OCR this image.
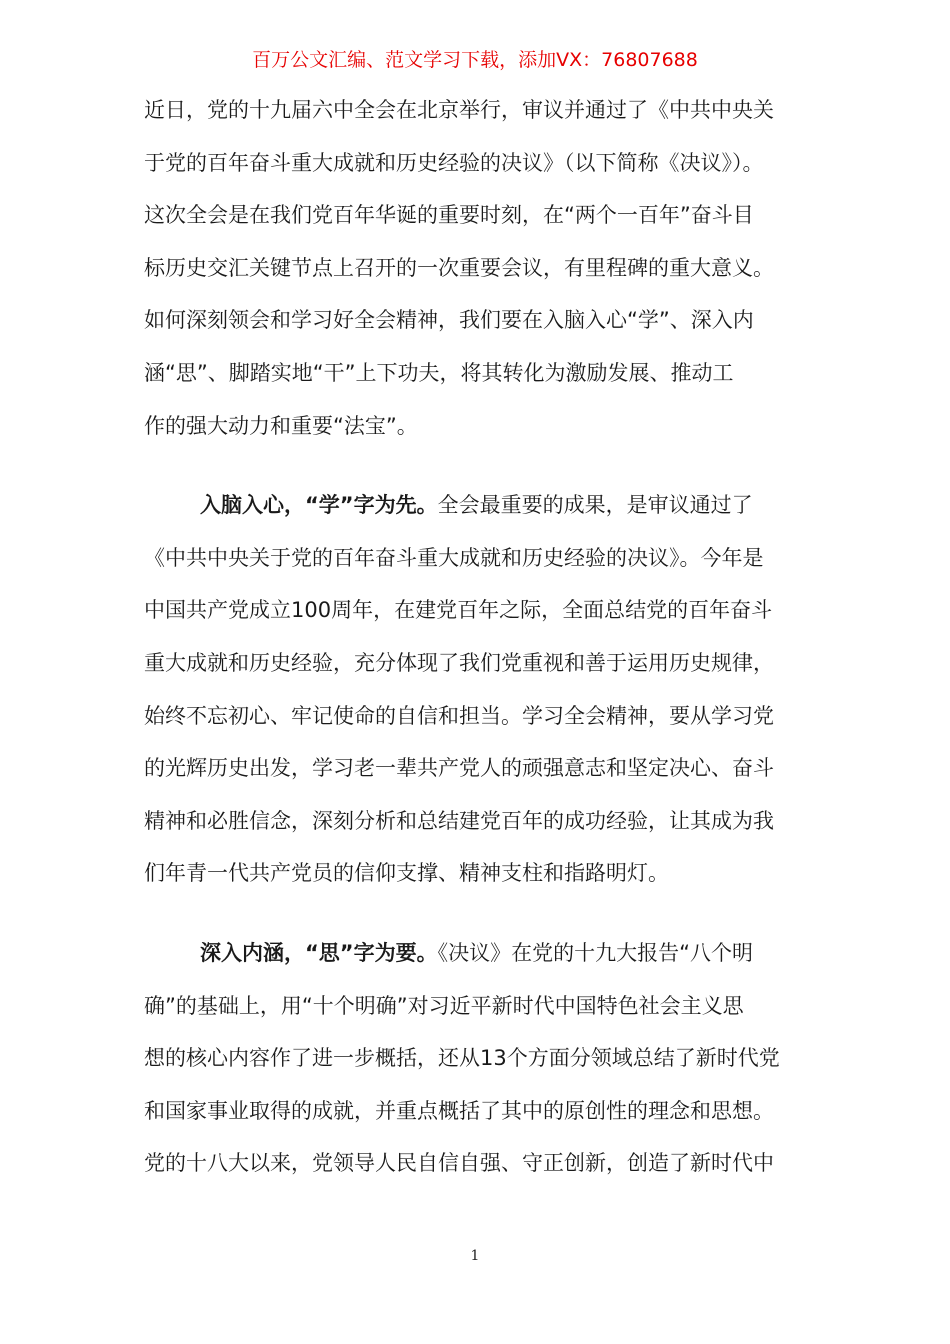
百万公文汇编、范文学习下载，添加VX：76807688
近日，党的十九届六中全会在北京举行，审议并通过了《中共中央关
于党的百年奋斗重大成就和历史经验的决议》（以下简称《决议》）。
这次全会是在我们党百年华诞的重要时刻，在“两个一百年”奋斗目
标历史交汇关键节点上召开的一次重要会议，有里程碑的重大意义。
如何深刻领会和学习好全会精神，我们要在入脑入心“学”、深入内
涵“思”、脚踏实地“干”上下功夫，将其转化为激励发展、推动工
作的强大动力和重要“法宝”。
入脑入心，“学”字为先。全会最重要的成果，是审议通过了
《中共中央关于党的百年奋斗重大成就和历史经验的决议》。今年是
中国共产党成立100周年，在建党百年之际，全面总结党的百年奋斗
重大成就和历史经验，充分体现了我们党重视和善于运用历史规律，
始终不忘初心、牢记使命的自信和担当。学习全会精神，要从学习党
的光辉历史出发，学习老一辈共产党人的顽强意志和坚定决心、奋斗
精神和必胜信念，深刻分析和总结建党百年的成功经验，让其成为我
们年青一代共产党员的信仰支撑、精神支柱和指路明灯。
深入内涵，“思”字为要。《决议》在党的十九大报告“八个明
确”的基础上，用“十个明确”对习近平新时代中国特色社会主义思
想的核心内容作了进一步概括，还从13个方面分领域总结了新时代党
和国家事业取得的成就，并重点概括了其中的原创性的理念和思想。
党的十八大以来，党领导人民自信自强、守正创新，创造了新时代中
1
